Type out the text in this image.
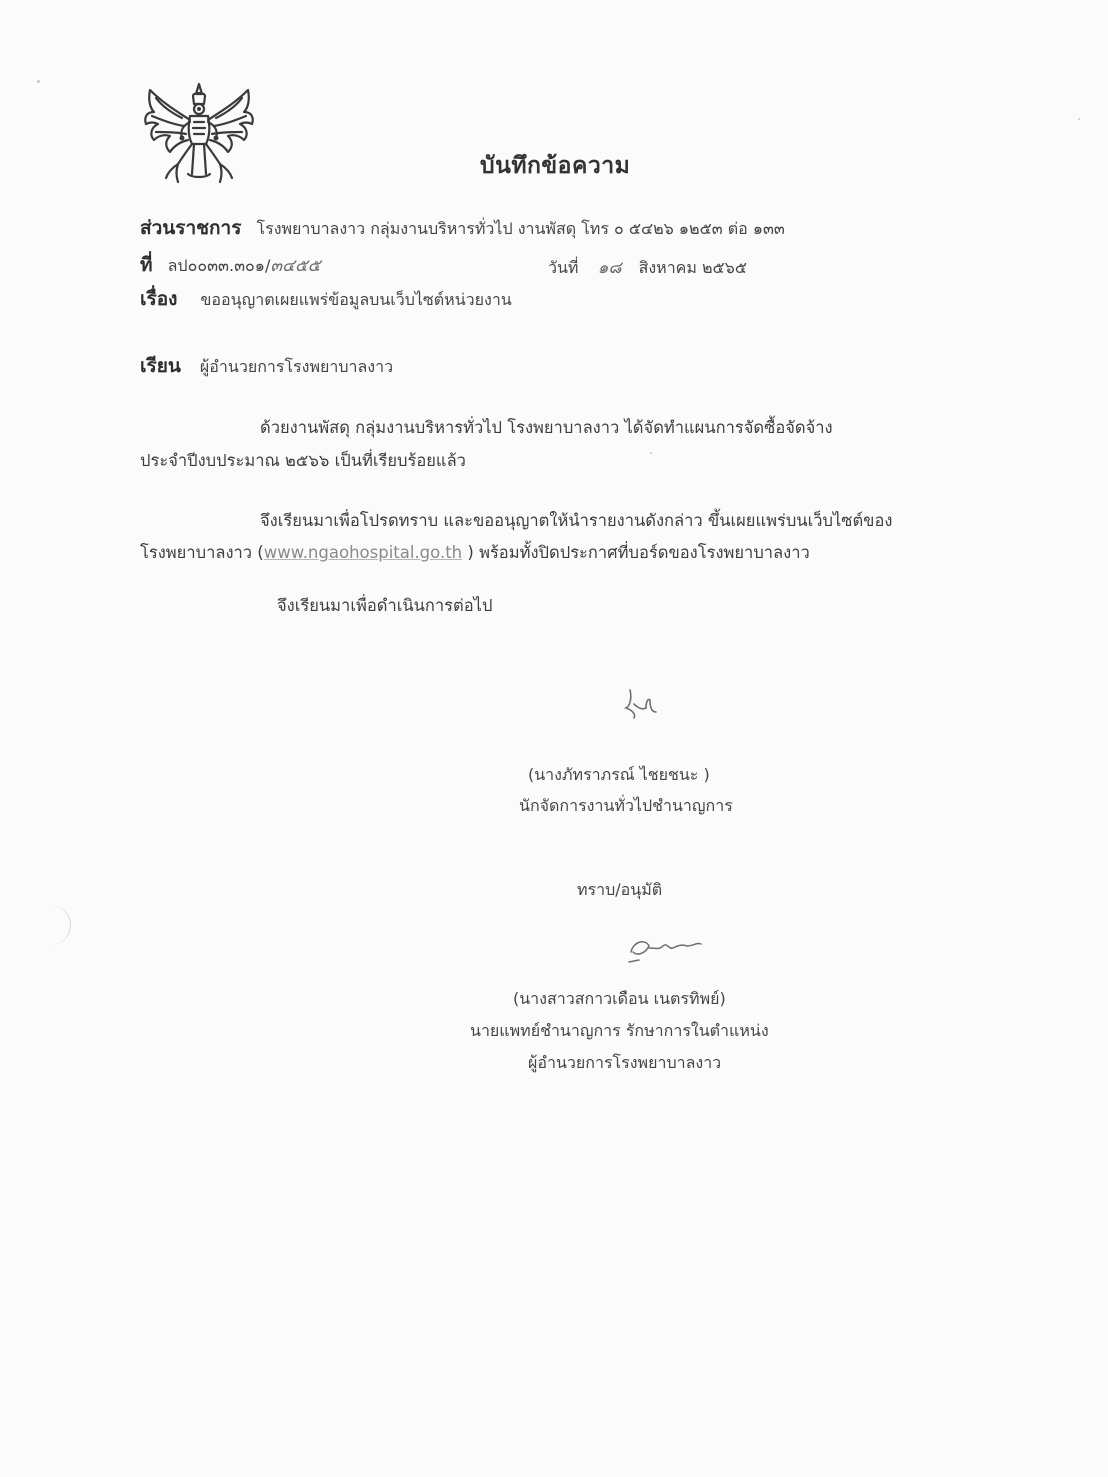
บันทึกข้อความ
ส่วนราชการ โรงพยาบาลงาว กลุ่มงานบริหารทั่วไป งานพัสดุ โทร ๐ ๕๔๒๖ ๑๒๕๓ ต่อ ๑๓๓
ที่ ลป๐๐๓๓.๓๐๑/๓๔๕๕	วันที่ ๑๘ สิงหาคม ๒๕๖๕
เรื่อง ขออนุญาตเผยแพร่ข้อมูลบนเว็บไซต์หน่วยงาน
เรียน ผู้อำนวยการโรงพยาบาลงาว
ด้วยงานพัสดุ กลุ่มงานบริหารทั่วไป โรงพยาบาลงาว ได้จัดทำแผนการจัดซื้อจัดจ้าง
ประจำปีงบประมาณ ๒๕๖๖ เป็นที่เรียบร้อยแล้ว
จึงเรียนมาเพื่อโปรดทราบ และขออนุญาตให้นำรายงานดังกล่าว ขึ้นเผยแพร่บนเว็บไซต์ของ
โรงพยาบาลงาว (www.ngaohospital.go.th ) พร้อมทั้งปิดประกาศที่บอร์ดของโรงพยาบาลงาว
จึงเรียนมาเพื่อดำเนินการต่อไป
(นางภัทราภรณ์ ไชยชนะ )
นักจัดการงานทั่วไปชำนาญการ
ทราบ/อนุมัติ
(นางสาวสกาวเดือน เนตรทิพย์)
นายแพทย์ชำนาญการ รักษาการในตำแหน่ง
ผู้อำนวยการโรงพยาบาลงาว
